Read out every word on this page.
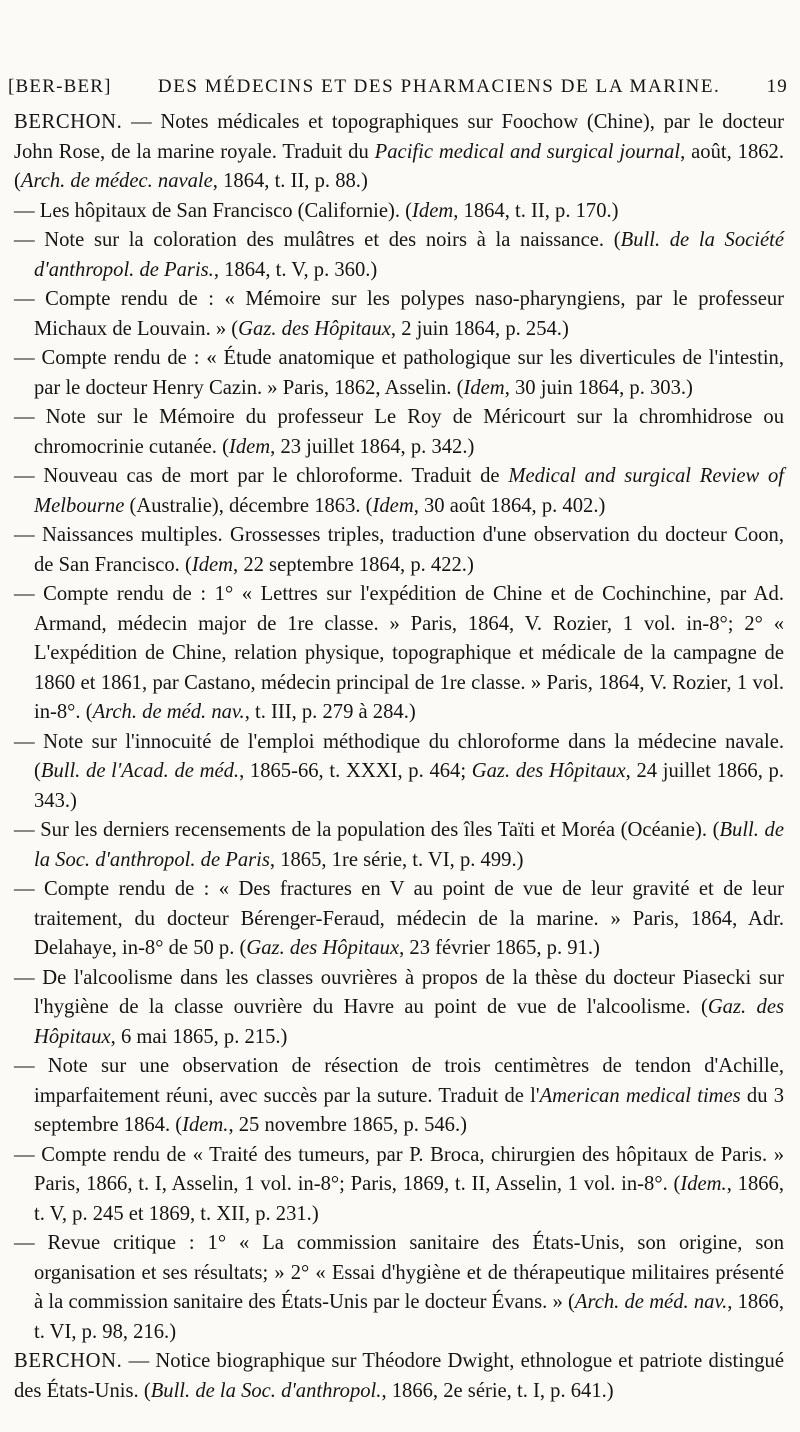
[BER-BER] DES MÉDECINS ET DES PHARMACIENS DE LA MARINE. 19

BERCHON. — Notes médicales et topographiques sur Foochow (Chine), par le docteur John Rose, de la marine royale. Traduit du Pacific medical and surgical journal, août, 1862. (Arch. de médec. navale, 1864, t. II, p. 88.)

— Les hôpitaux de San Francisco (Californie). (Idem, 1864, t. II, p. 170.)

— Note sur la coloration des mulâtres et des noirs à la naissance. (Bull. de la Société d'anthropol. de Paris., 1864, t. V, p. 360.)

— Compte rendu de : « Mémoire sur les polypes naso-pharyngiens, par le professeur Michaux de Louvain. » (Gaz. des Hôpitaux, 2 juin 1864, p. 254.)

— Compte rendu de : « Étude anatomique et pathologique sur les diverticules de l'intestin, par le docteur Henry Cazin. » Paris, 1862, Asselin. (Idem, 30 juin 1864, p. 303.)

— Note sur le Mémoire du professeur Le Roy de Méricourt sur la chromhidrose ou chromocrinie cutanée. (Idem, 23 juillet 1864, p. 342.)

— Nouveau cas de mort par le chloroforme. Traduit de Medical and surgical Review of Melbourne (Australie), décembre 1863. (Idem, 30 août 1864, p. 402.)

— Naissances multiples. Grossesses triples, traduction d'une observation du docteur Coon, de San Francisco. (Idem, 22 septembre 1864, p. 422.)

— Compte rendu de : 1° « Lettres sur l'expédition de Chine et de Cochinchine, par Ad. Armand, médecin major de 1re classe. » Paris, 1864, V. Rozier, 1 vol. in-8°; 2° « L'expédition de Chine, relation physique, topographique et médicale de la campagne de 1860 et 1861, par Castano, médecin principal de 1re classe. » Paris, 1864, V. Rozier, 1 vol. in-8°. (Arch. de méd. nav., t. III, p. 279 à 284.)

— Note sur l'innocuité de l'emploi méthodique du chloroforme dans la médecine navale. (Bull. de l'Acad. de méd., 1865-66, t. XXXI, p. 464; Gaz. des Hôpitaux, 24 juillet 1866, p. 343.)

— Sur les derniers recensements de la population des îles Taïti et Moréa (Océanie). (Bull. de la Soc. d'anthropol. de Paris, 1865, 1re série, t. VI, p. 499.)

— Compte rendu de : « Des fractures en V au point de vue de leur gravité et de leur traitement, du docteur Bérenger-Feraud, médecin de la marine. » Paris, 1864, Adr. Delahaye, in-8° de 50 p. (Gaz. des Hôpitaux, 23 février 1865, p. 91.)

— De l'alcoolisme dans les classes ouvrières à propos de la thèse du docteur Piasecki sur l'hygiène de la classe ouvrière du Havre au point de vue de l'alcoolisme. (Gaz. des Hôpitaux, 6 mai 1865, p. 215.)

— Note sur une observation de résection de trois centimètres de tendon d'Achille, imparfaitement réuni, avec succès par la suture. Traduit de l'American medical times du 3 septembre 1864. (Idem., 25 novembre 1865, p. 546.)

— Compte rendu de « Traité des tumeurs, par P. Broca, chirurgien des hôpitaux de Paris. » Paris, 1866, t. I, Asselin, 1 vol. in-8°; Paris, 1869, t. II, Asselin, 1 vol. in-8°. (Idem., 1866, t. V, p. 245 et 1869, t. XII, p. 231.)

— Revue critique : 1° « La commission sanitaire des États-Unis, son origine, son organisation et ses résultats; » 2° « Essai d'hygiène et de thérapeutique militaires présenté à la commission sanitaire des États-Unis par le docteur Évans. » (Arch. de méd. nav., 1866, t. VI, p. 98, 216.)

BERCHON. — Notice biographique sur Théodore Dwight, ethnologue et patriote distingué des États-Unis. (Bull. de la Soc. d'anthropol., 1866, 2e série, t. I, p. 641.)
